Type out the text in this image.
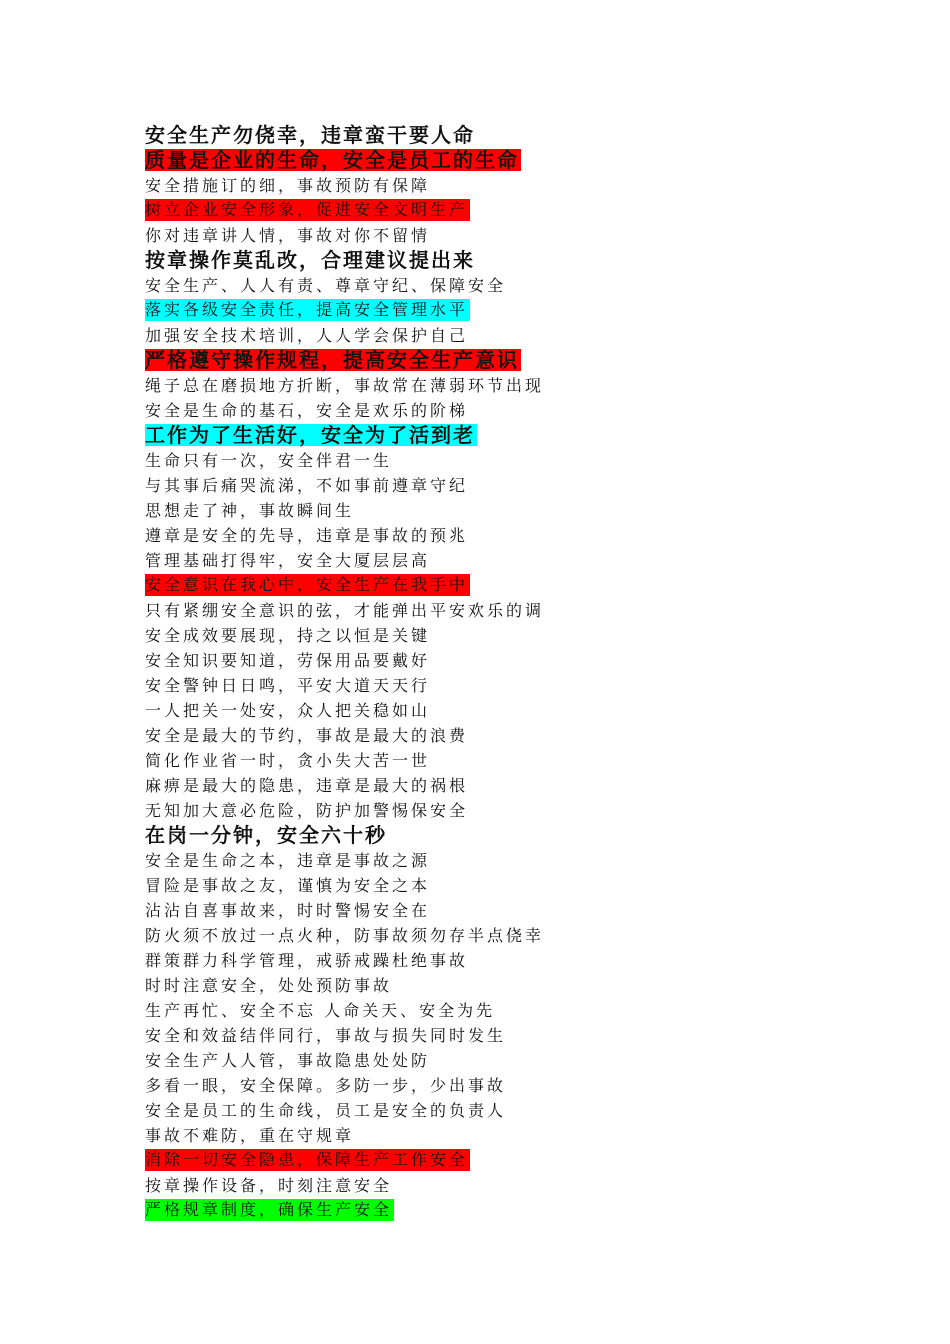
安全生产勿侥幸，违章蛮干要人命
质量是企业的生命，安全是员工的生命
安全措施订的细，事故预防有保障
树立企业安全形象，促进安全文明生产
你对违章讲人情，事故对你不留情
按章操作莫乱改，合理建议提出来
安全生产、人人有责、尊章守纪、保障安全
落实各级安全责任，提高安全管理水平
加强安全技术培训，人人学会保护自己
严格遵守操作规程，提高安全生产意识
绳子总在磨损地方折断，事故常在薄弱环节出现
安全是生命的基石，安全是欢乐的阶梯
工作为了生活好，安全为了活到老
生命只有一次，安全伴君一生
与其事后痛哭流涕，不如事前遵章守纪
思想走了神，事故瞬间生
遵章是安全的先导，违章是事故的预兆
管理基础打得牢，安全大厦层层高
安全意识在我心中，安全生产在我手中
只有紧绷安全意识的弦，才能弹出平安欢乐的调
安全成效要展现，持之以恒是关键
安全知识要知道，劳保用品要戴好
安全警钟日日鸣，平安大道天天行
一人把关一处安，众人把关稳如山
安全是最大的节约，事故是最大的浪费
简化作业省一时，贪小失大苦一世
麻痹是最大的隐患，违章是最大的祸根
无知加大意必危险，防护加警惕保安全
在岗一分钟，安全六十秒
安全是生命之本，违章是事故之源
冒险是事故之友，谨慎为安全之本
沾沾自喜事故来，时时警惕安全在
防火须不放过一点火种，防事故须勿存半点侥幸
群策群力科学管理，戒骄戒躁杜绝事故
时时注意安全，处处预防事故
生产再忙、安全不忘 人命关天、安全为先
安全和效益结伴同行，事故与损失同时发生
安全生产人人管，事故隐患处处防
多看一眼，安全保障。多防一步，少出事故
安全是员工的生命线，员工是安全的负责人
事故不难防，重在守规章
消除一切安全隐患，保障生产工作安全
按章操作设备，时刻注意安全
严格规章制度，确保生产安全
